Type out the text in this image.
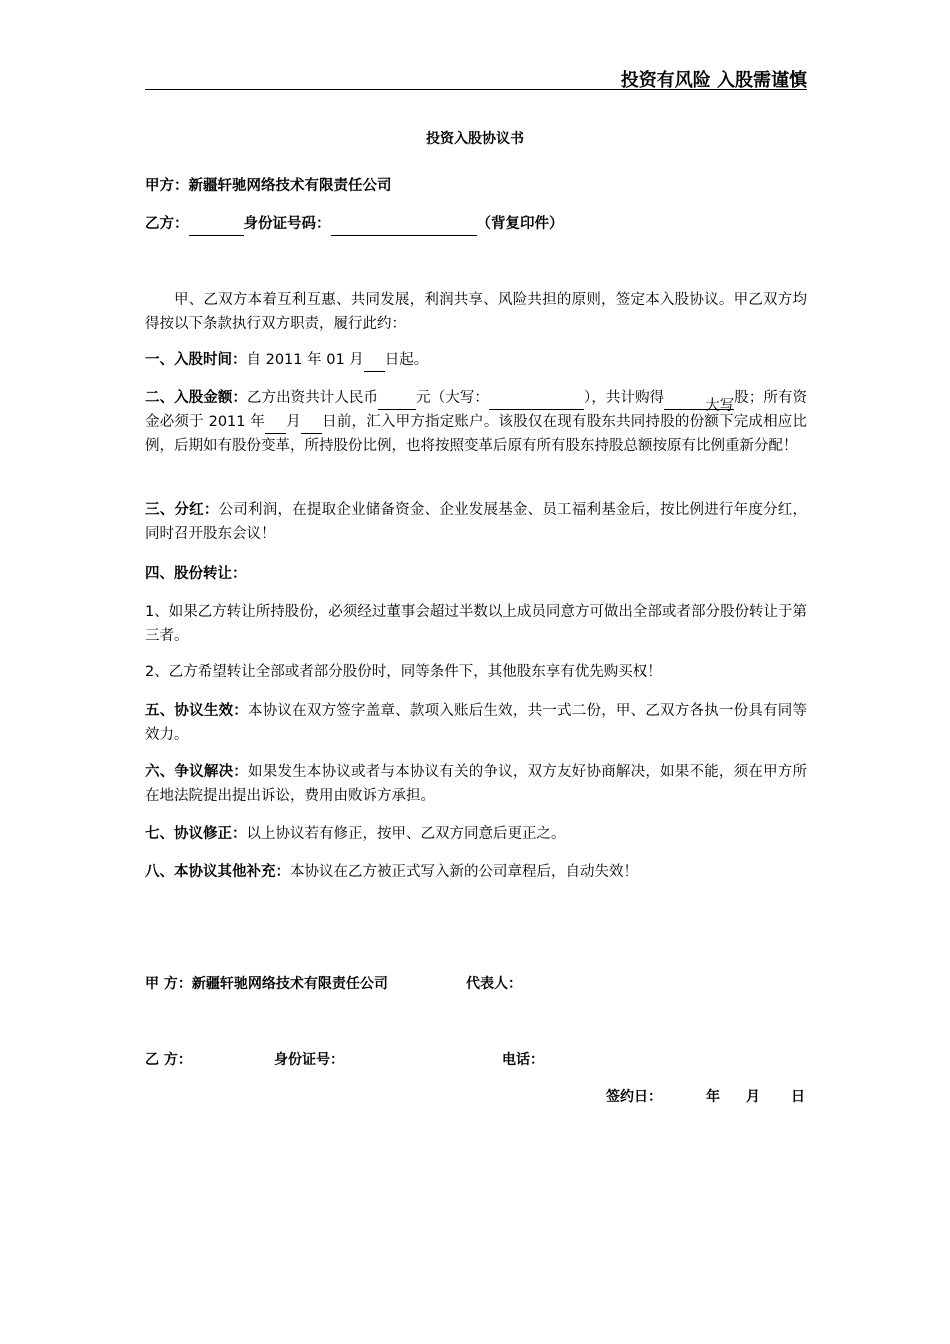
投资有风险 入股需谨慎
投资入股协议书
甲方：新疆轩驰网络技术有限责任公司
乙方：	身份证号码：	（背复印件）
甲、乙双方本着互利互惠、共同发展，利润共享、风险共担的原则，签定本入股协议。甲乙双方均得按以下条款执行双方职责，履行此约：
一、入股时间：自 2011 年 01 月 日起。
二、入股金额：乙方出资共计人民币	元（大写：	），共计购得	大写股；所有资金必须于 2011 年 月 日前，汇入甲方指定账户。该股仅在现有股东共同持股的份额下完成相应比例，后期如有股份变革，所持股份比例，也将按照变革后原有所有股东持股总额按原有比例重新分配！
三、分红：公司利润，在提取企业储备资金、企业发展基金、员工福利基金后，按比例进行年度分红，同时召开股东会议！
四、股份转让：
1、如果乙方转让所持股份，必须经过董事会超过半数以上成员同意方可做出全部或者部分股份转让于第三者。
2、乙方希望转让全部或者部分股份时，同等条件下，其他股东享有优先购买权！
五、协议生效：本协议在双方签字盖章、款项入账后生效，共一式二份，甲、乙双方各执一份具有同等效力。
六、争议解决：如果发生本协议或者与本协议有关的争议，双方友好协商解决，如果不能，须在甲方所在地法院提出提出诉讼，费用由败诉方承担。
七、协议修正：以上协议若有修正，按甲、乙双方同意后更正之。
八、本协议其他补充：本协议在乙方被正式写入新的公司章程后，自动失效！
甲 方：新疆轩驰网络技术有限责任公司	代表人：
乙 方：	身份证号：	电话：
签约日：	年 月 日
